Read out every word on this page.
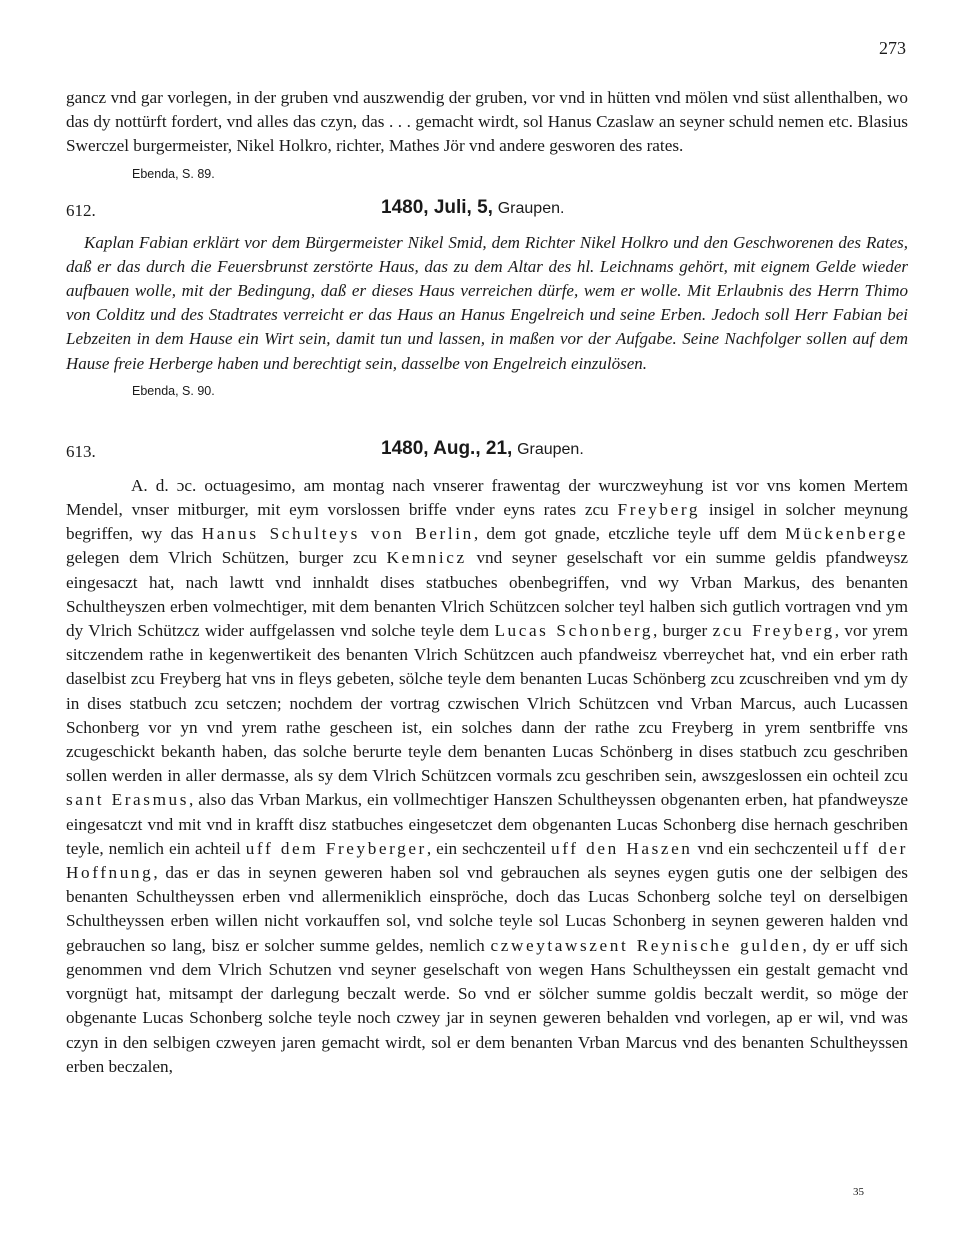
273

gancz vnd gar vorlegen, in der gruben vnd auszwendig der gruben, vor vnd in hütten vnd mölen vnd süst allenthalben, wo das dy nottürft fordert, vnd alles das czyn, das . . . gemacht wirdt, sol Hanus Czaslaw an seyner schuld nemen etc. Blasius Swerczel burgermeister, Nikel Holkro, richter, Mathes Jör vnd andere gesworen des rates.

Ebenda, S. 89.
612.	1480, Juli, 5, Graupen.

Kaplan Fabian erklärt vor dem Bürgermeister Nikel Smid, dem Richter Nikel Holkro und den Geschworenen des Rates, daß er das durch die Feuersbrunst zerstörte Haus, das zu dem Altar des hl. Leichnams gehört, mit eignem Gelde wieder aufbauen wolle, mit der Bedingung, daß er dieses Haus verreichen dürfe, wem er wolle. Mit Erlaubnis des Herrn Thimo von Colditz und des Stadtrates verreicht er das Haus an Hanus Engelreich und seine Erben. Jedoch soll Herr Fabian bei Lebzeiten in dem Hause ein Wirt sein, damit tun und lassen, in maßen vor der Aufgabe. Seine Nachfolger sollen auf dem Hause freie Herberge haben und berechtigt sein, dasselbe von Engelreich einzulösen.

Ebenda, S. 90.
613.	1480, Aug., 21, Graupen.

A. d. ɔc. octuagesimo, am montag nach vnserer frawentag der wurczweyhung ist vor vns komen Mertem Mendel, vnser mitburger, mit eym vorslossen briffe vnder eyns rates zcu Freyberg insigel in solcher meynung begriffen, wy das Hanus Schulteys von Berlin, dem got gnade, etczliche teyle uff dem Mückenberge gelegen dem Vlrich Schützen, burger zcu Kemnicz vnd seyner geselschaft vor ein summe geldis pfandweysz eingesaczt hat, nach lawtt vnd innhaldt dises statbuches obenbegriffen, vnd wy Vrban Markus, des benanten Schultheyszen erben volmechtiger, mit dem benanten Vlrich Schützcen solcher teyl halben sich gutlich vortragen vnd ym dy Vlrich Schützcz wider auffgelassen vnd solche teyle dem Lucas Schonberg, burger zcu Freyberg, vor yrem sitczendem rathe in kegenwertikeit des benanten Vlrich Schützcen auch pfandweisz vberreychet hat, vnd ein erber rath daselbist zcu Freyberg hat vns in fleys gebeten, sölche teyle dem benanten Lucas Schönberg zcu zcuschreiben vnd ym dy in dises statbuch zcu setczen; nochdem der vortrag czwischen Vlrich Schützcen vnd Vrban Marcus, auch Lucassen Schonberg vor yn vnd yrem rathe gescheen ist, ein solches dann der rathe zcu Freyberg in yrem sentbriffe vns zcugeschickt bekanth haben, das solche berurte teyle dem benanten Lucas Schönberg in dises statbuch zcu geschriben sollen werden in aller dermasse, als sy dem Vlrich Schützcen vormals zcu geschriben sein, awszgeslossen ein ochteil zcu sant Erasmus, also das Vrban Markus, ein vollmechtiger Hanszen Schultheyssen obgenanten erben, hat pfandweysze eingesatczt vnd mit vnd in krafft disz statbuches eingesetczet dem obgenanten Lucas Schonberg dise hernach geschriben teyle, nemlich ein achteil uff dem Freyberger, ein sechczenteil uff den Haszen vnd ein sechczenteil uff der Hoffnung, das er das in seynen geweren haben sol vnd gebrauchen als seynes eygen gutis one der selbigen des benanten Schultheyssen erben vnd allermeniklich einspröche, doch das Lucas Schonberg solche teyl on derselbigen Schultheyssen erben willen nicht vorkauffen sol, vnd solche teyle sol Lucas Schonberg in seynen geweren halden vnd gebrauchen so lang, bisz er solcher summe geldes, nemlich czweytawszent Reynische gulden, dy er uff sich genommen vnd dem Vlrich Schutzen vnd seyner geselschaft von wegen Hans Schultheyssen ein gestalt gemacht vnd vorgnügt hat, mitsampt der darlegung beczalt werde. So vnd er sölcher summe goldis beczalt werdit, so möge der obgenante Lucas Schonberg solche teyle noch czwey jar in seynen geweren behalden vnd vorlegen, ap er wil, vnd was czyn in den selbigen czweyen jaren gemacht wirdt, sol er dem benanten Vrban Marcus vnd des benanten Schultheyssen erben beczalen,

35
